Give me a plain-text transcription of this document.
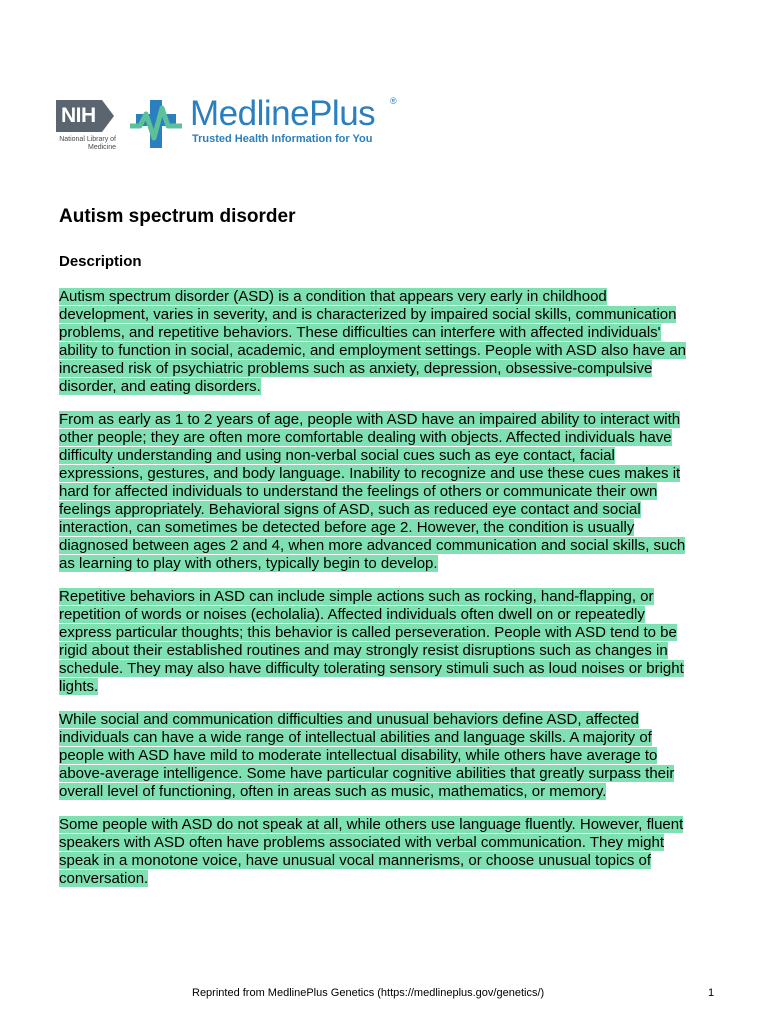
NIH
National Library of Medicine
MedlinePlus ®
Trusted Health Information for You
Autism spectrum disorder
Description

Autism spectrum disorder (ASD) is a condition that appears very early in childhood development, varies in severity, and is characterized by impaired social skills, communication problems, and repetitive behaviors. These difficulties can interfere with affected individuals' ability to function in social, academic, and employment settings. People with ASD also have an increased risk of psychiatric problems such as anxiety, depression, obsessive-compulsive disorder, and eating disorders.

From as early as 1 to 2 years of age, people with ASD have an impaired ability to interact with other people; they are often more comfortable dealing with objects. Affected individuals have difficulty understanding and using non-verbal social cues such as eye contact, facial expressions, gestures, and body language. Inability to recognize and use these cues makes it hard for affected individuals to understand the feelings of others or communicate their own feelings appropriately. Behavioral signs of ASD, such as reduced eye contact and social interaction, can sometimes be detected before age 2. However, the condition is usually diagnosed between ages 2 and 4, when more advanced communication and social skills, such as learning to play with others, typically begin to develop.

Repetitive behaviors in ASD can include simple actions such as rocking, hand-flapping, or repetition of words or noises (echolalia). Affected individuals often dwell on or repeatedly express particular thoughts; this behavior is called perseveration. People with ASD tend to be rigid about their established routines and may strongly resist disruptions such as changes in schedule. They may also have difficulty tolerating sensory stimuli such as loud noises or bright lights.

While social and communication difficulties and unusual behaviors define ASD, affected individuals can have a wide range of intellectual abilities and language skills. A majority of people with ASD have mild to moderate intellectual disability, while others have average to above-average intelligence. Some have particular cognitive abilities that greatly surpass their overall level of functioning, often in areas such as music, mathematics, or memory.

Some people with ASD do not speak at all, while others use language fluently. However, fluent speakers with ASD often have problems associated with verbal communication. They might speak in a monotone voice, have unusual vocal mannerisms, or choose unusual topics of conversation.

Reprinted from MedlinePlus Genetics (https://medlineplus.gov/genetics/)	1
